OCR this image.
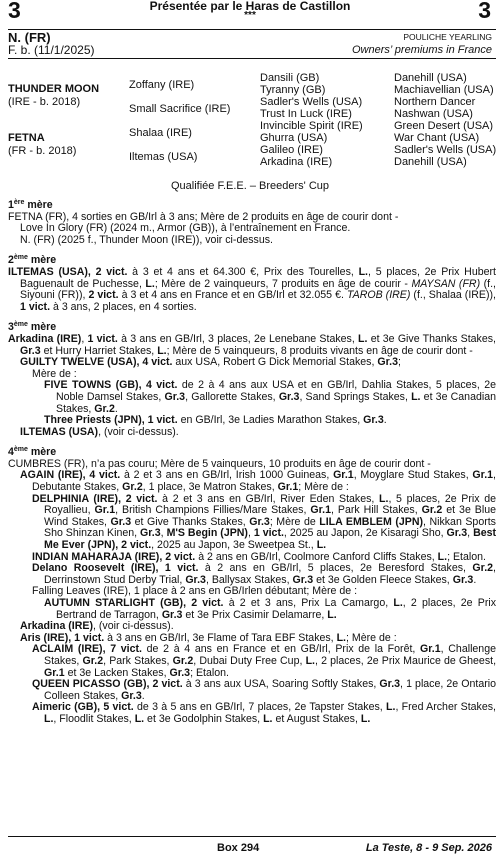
3	3
Présentée par le Haras de Castillon
***
N. (FR)
F. b. (11/1/2025)
POULICHE YEARLING
Owners’ premiums in France
THUNDER MOON
(IRE - b. 2018)
FETNA
(FR - b. 2018)
Zoffany (IRE)
Small Sacrifice (IRE)
Shalaa (IRE)
Iltemas (USA)
Dansili (GB)
Tyranny (GB)
Sadler's Wells (USA)
Trust In Luck (IRE)
Invincible Spirit (IRE)
Ghurra (USA)
Galileo (IRE)
Arkadina (IRE)
Danehill (USA)
Machiavellian (USA)
Northern Dancer
Nashwan (USA)
Green Desert (USA)
War Chant (USA)
Sadler's Wells (USA)
Danehill (USA)
Qualifiée F.E.E. – Breeders' Cup
1ère mère
FETNA (FR), 4 sorties en GB/Irl à 3 ans; Mère de 2 produits en âge de courir dont -
Love In Glory (FR) (2024 m., Armor (GB)), à l’entraînement en France.
N. (FR) (2025 f., Thunder Moon (IRE)), voir ci-dessus.
2ème mère
ILTEMAS (USA), 2 vict. à 3 et 4 ans et 64.300 €, Prix des Tourelles, L., 5 places, 2e Prix Hubert Baguenault de Puchesse, L.; Mère de 2 vainqueurs, 7 produits en âge de courir - MAYSAN (FR) (f., Siyouni (FR)), 2 vict. à 3 et 4 ans en France et en GB/Irl et 32.055 €. TAROB (IRE) (f., Shalaa (IRE)), 1 vict. à 3 ans, 2 places, en 4 sorties.
3ème mère
Arkadina (IRE), 1 vict. à 3 ans en GB/Irl, 3 places, 2e Lenebane Stakes, L. et 3e Give Thanks Stakes, Gr.3 et Hurry Harriet Stakes, L.; Mère de 5 vainqueurs, 8 produits vivants en âge de courir dont -
GUILTY TWELVE (USA), 4 vict. aux USA, Robert G Dick Memorial Stakes, Gr.3;
Mère de :
FIVE TOWNS (GB), 4 vict. de 2 à 4 ans aux USA et en GB/Irl, Dahlia Stakes, 5 places, 2e Noble Damsel Stakes, Gr.3, Gallorette Stakes, Gr.3, Sand Springs Stakes, L. et 3e Canadian Stakes, Gr.2.
Three Priests (JPN), 1 vict. en GB/Irl, 3e Ladies Marathon Stakes, Gr.3.
ILTEMAS (USA), (voir ci-dessus).
4ème mère
CUMBRES (FR), n’a pas couru; Mère de 5 vainqueurs, 10 produits en âge de courir dont -
AGAIN (IRE), 4 vict. à 2 et 3 ans en GB/Irl, Irish 1000 Guineas, Gr.1, Moyglare Stud Stakes, Gr.1, Debutante Stakes, Gr.2, 1 place, 3e Matron Stakes, Gr.1; Mère de :
DELPHINIA (IRE), 2 vict. à 2 et 3 ans en GB/Irl, River Eden Stakes, L., 5 places, 2e Prix de Royallieu, Gr.1, British Champions Fillies/Mare Stakes, Gr.1, Park Hill Stakes, Gr.2 et 3e Blue Wind Stakes, Gr.3 et Give Thanks Stakes, Gr.3; Mère de LILA EMBLEM (JPN), Nikkan Sports Sho Shinzan Kinen, Gr.3, M'S Begin (JPN), 1 vict., 2025 au Japon, 2e Kisaragi Sho, Gr.3, Best Me Ever (JPN), 2 vict., 2025 au Japon, 3e Sweetpea St., L.
INDIAN MAHARAJA (IRE), 2 vict. à 2 ans en GB/Irl, Coolmore Canford Cliffs Stakes, L.; Etalon.
Delano Roosevelt (IRE), 1 vict. à 2 ans en GB/Irl, 5 places, 2e Beresford Stakes, Gr.2, Derrinstown Stud Derby Trial, Gr.3, Ballysax Stakes, Gr.3 et 3e Golden Fleece Stakes, Gr.3.
Falling Leaves (IRE), 1 place à 2 ans en GB/Irlen débutant; Mère de :
AUTUMN STARLIGHT (GB), 2 vict. à 2 et 3 ans, Prix La Camargo, L., 2 places, 2e Prix Bertrand de Tarragon, Gr.3 et 3e Prix Casimir Delamarre, L.
Arkadina (IRE), (voir ci-dessus).
Aris (IRE), 1 vict. à 3 ans en GB/Irl, 3e Flame of Tara EBF Stakes, L.; Mère de :
ACLAIM (IRE), 7 vict. de 2 à 4 ans en France et en GB/Irl, Prix de la Forêt, Gr.1, Challenge Stakes, Gr.2, Park Stakes, Gr.2, Dubai Duty Free Cup, L., 2 places, 2e Prix Maurice de Gheest, Gr.1 et 3e Lacken Stakes, Gr.3; Etalon.
QUEEN PICASSO (GB), 2 vict. à 3 ans aux USA, Soaring Softly Stakes, Gr.3, 1 place, 2e Ontario Colleen Stakes, Gr.3.
Aimeric (GB), 5 vict. de 3 à 5 ans en GB/Irl, 7 places, 2e Tapster Stakes, L., Fred Archer Stakes, L., Floodlit Stakes, L. et 3e Godolphin Stakes, L. et August Stakes, L.
Box 294	La Teste, 8 - 9 Sep. 2026
